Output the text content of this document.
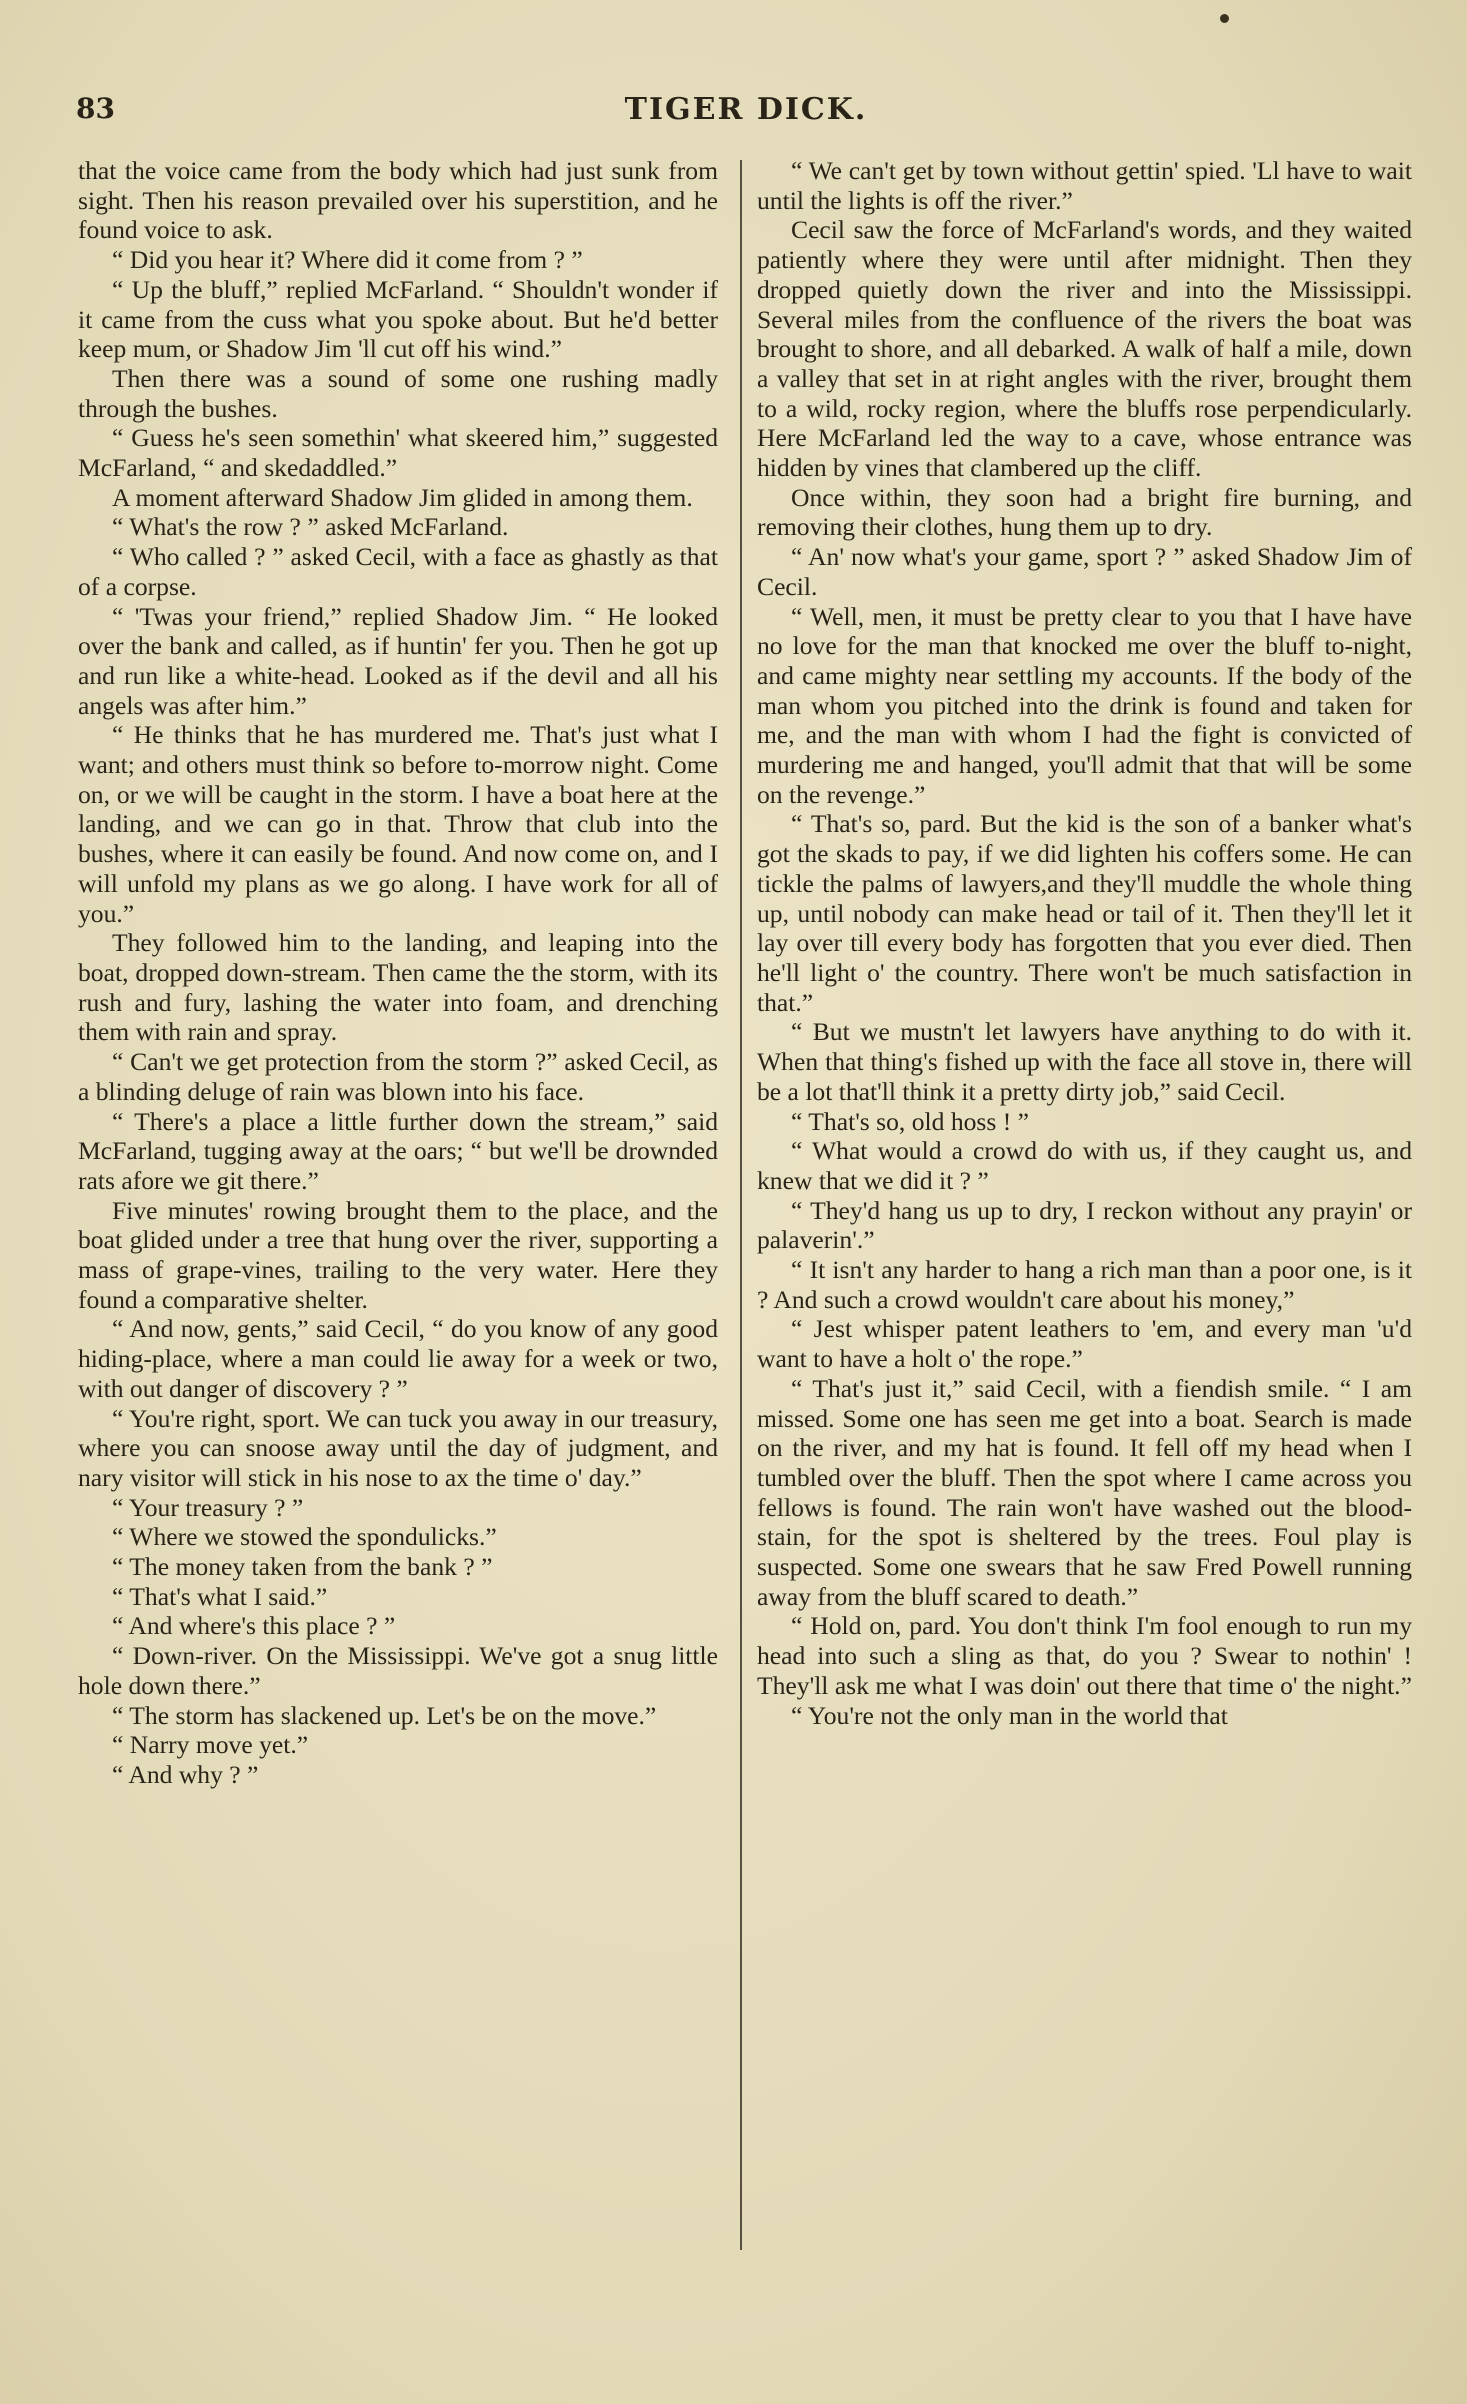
83	TIGER DICK.

that the voice came from the body which had just sunk from sight. Then his reason prevailed over his superstition, and he found voice to ask.

“ Did you hear it? Where did it come from ? ”

“ Up the bluff,” replied McFarland. “ Shouldn't wonder if it came from the cuss what you spoke about. But he'd better keep mum, or Shadow Jim 'll cut off his wind.”

Then there was a sound of some one rushing madly through the bushes.

“ Guess he's seen somethin' what skeered him,” suggested McFarland, “ and skedaddled.”

A moment afterward Shadow Jim glided in among them.

“ What's the row ? ” asked McFarland.

“ Who called ? ” asked Cecil, with a face as ghastly as that of a corpse.

“ 'Twas your friend,” replied Shadow Jim. “ He looked over the bank and called, as if huntin' fer you. Then he got up and run like a white-head. Looked as if the devil and all his angels was after him.”

“ He thinks that he has murdered me. That's just what I want; and others must think so before to-morrow night. Come on, or we will be caught in the storm. I have a boat here at the landing, and we can go in that. Throw that club into the bushes, where it can easily be found. And now come on, and I will unfold my plans as we go along. I have work for all of you.”

They followed him to the landing, and leaping into the boat, dropped down-stream. Then came the the storm, with its rush and fury, lashing the water into foam, and drenching them with rain and spray.

“ Can't we get protection from the storm ?” asked Cecil, as a blinding deluge of rain was blown into his face.

“ There's a place a little further down the stream,” said McFarland, tugging away at the oars; “ but we'll be drownded rats afore we git there.”

Five minutes' rowing brought them to the place, and the boat glided under a tree that hung over the river, supporting a mass of grape-vines, trailing to the very water. Here they found a comparative shelter.

“ And now, gents,” said Cecil, “ do you know of any good hiding-place, where a man could lie away for a week or two, with out danger of discovery ? ”

“ You're right, sport. We can tuck you away in our treasury, where you can snoose away until the day of judgment, and nary visitor will stick in his nose to ax the time o' day.”

“ Your treasury ? ”

“ Where we stowed the spondulicks.”

“ The money taken from the bank ? ”

“ That's what I said.”

“ And where's this place ? ”

“ Down-river. On the Mississippi. We've got a snug little hole down there.”

“ The storm has slackened up. Let's be on the move.”

“ Narry move yet.”

“ And why ? ”

“ We can't get by town without gettin' spied. 'Ll have to wait until the lights is off the river.”

Cecil saw the force of McFarland's words, and they waited patiently where they were until after midnight. Then they dropped quietly down the river and into the Mississippi. Several miles from the confluence of the rivers the boat was brought to shore, and all debarked. A walk of half a mile, down a valley that set in at right angles with the river, brought them to a wild, rocky region, where the bluffs rose perpendicularly. Here McFarland led the way to a cave, whose entrance was hidden by vines that clambered up the cliff.

Once within, they soon had a bright fire burning, and removing their clothes, hung them up to dry.

“ An' now what's your game, sport ? ” asked Shadow Jim of Cecil.

“ Well, men, it must be pretty clear to you that I have have no love for the man that knocked me over the bluff to-night, and came mighty near settling my accounts. If the body of the man whom you pitched into the drink is found and taken for me, and the man with whom I had the fight is convicted of murdering me and hanged, you'll admit that that will be some on the revenge.”

“ That's so, pard. But the kid is the son of a banker what's got the skads to pay, if we did lighten his coffers some. He can tickle the palms of lawyers,and they'll muddle the whole thing up, until nobody can make head or tail of it. Then they'll let it lay over till every body has forgotten that you ever died. Then he'll light o' the country. There won't be much satisfaction in that.”

“ But we mustn't let lawyers have anything to do with it. When that thing's fished up with the face all stove in, there will be a lot that'll think it a pretty dirty job,” said Cecil.

“ That's so, old hoss ! ”

“ What would a crowd do with us, if they caught us, and knew that we did it ? ”

“ They'd hang us up to dry, I reckon without any prayin' or palaverin'.”

“ It isn't any harder to hang a rich man than a poor one, is it ? And such a crowd wouldn't care about his money,”

“ Jest whisper patent leathers to 'em, and every man 'u'd want to have a holt o' the rope.”

“ That's just it,” said Cecil, with a fiendish smile. “ I am missed. Some one has seen me get into a boat. Search is made on the river, and my hat is found. It fell off my head when I tumbled over the bluff. Then the spot where I came across you fellows is found. The rain won't have washed out the blood-stain, for the spot is sheltered by the trees. Foul play is suspected. Some one swears that he saw Fred Powell running away from the bluff scared to death.”

“ Hold on, pard. You don't think I'm fool enough to run my head into such a sling as that, do you ? Swear to nothin' ! They'll ask me what I was doin' out there that time o' the night.”

“ You're not the only man in the world that
